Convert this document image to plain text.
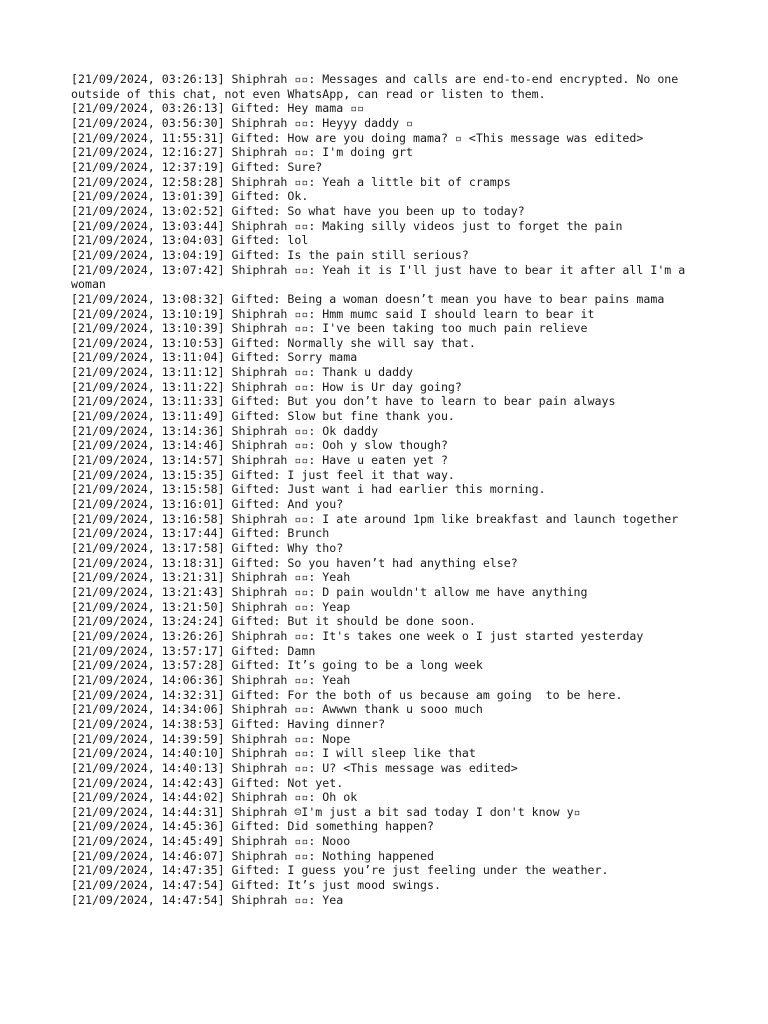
[21/09/2024, 03:26:13] Shiphrah ▫▫: Messages and calls are end-to-end encrypted. No one outside of this chat, not even WhatsApp, can read or listen to them.
[21/09/2024, 03:26:13] Gifted: Hey mama ▫▫
[21/09/2024, 03:56:30] Shiphrah ▫▫: Heyyy daddy ▫
[21/09/2024, 11:55:31] Gifted: How are you doing mama? ▫ <This message was edited>
[21/09/2024, 12:16:27] Shiphrah ▫▫: I'm doing grt
[21/09/2024, 12:37:19] Gifted: Sure?
[21/09/2024, 12:58:28] Shiphrah ▫▫: Yeah a little bit of cramps
[21/09/2024, 13:01:39] Gifted: Ok.
[21/09/2024, 13:02:52] Gifted: So what have you been up to today?
[21/09/2024, 13:03:44] Shiphrah ▫▫: Making silly videos just to forget the pain
[21/09/2024, 13:04:03] Gifted: lol
[21/09/2024, 13:04:19] Gifted: Is the pain still serious?
[21/09/2024, 13:07:42] Shiphrah ▫▫: Yeah it is I'll just have to bear it after all I'm a woman
[21/09/2024, 13:08:32] Gifted: Being a woman doesn’t mean you have to bear pains mama
[21/09/2024, 13:10:19] Shiphrah ▫▫: Hmm mumc said I should learn to bear it
[21/09/2024, 13:10:39] Shiphrah ▫▫: I've been taking too much pain relieve
[21/09/2024, 13:10:53] Gifted: Normally she will say that.
[21/09/2024, 13:11:04] Gifted: Sorry mama
[21/09/2024, 13:11:12] Shiphrah ▫▫: Thank u daddy
[21/09/2024, 13:11:22] Shiphrah ▫▫: How is Ur day going?
[21/09/2024, 13:11:33] Gifted: But you don’t have to learn to bear pain always
[21/09/2024, 13:11:49] Gifted: Slow but fine thank you.
[21/09/2024, 13:14:36] Shiphrah ▫▫: Ok daddy
[21/09/2024, 13:14:46] Shiphrah ▫▫: Ooh y slow though?
[21/09/2024, 13:14:57] Shiphrah ▫▫: Have u eaten yet ?
[21/09/2024, 13:15:35] Gifted: I just feel it that way.
[21/09/2024, 13:15:58] Gifted: Just want i had earlier this morning.
[21/09/2024, 13:16:01] Gifted: And you?
[21/09/2024, 13:16:58] Shiphrah ▫▫: I ate around 1pm like breakfast and launch together
[21/09/2024, 13:17:44] Gifted: Brunch
[21/09/2024, 13:17:58] Gifted: Why tho?
[21/09/2024, 13:18:31] Gifted: So you haven’t had anything else?
[21/09/2024, 13:21:31] Shiphrah ▫▫: Yeah
[21/09/2024, 13:21:43] Shiphrah ▫▫: D pain wouldn't allow me have anything
[21/09/2024, 13:21:50] Shiphrah ▫▫: Yeap
[21/09/2024, 13:24:24] Gifted: But it should be done soon.
[21/09/2024, 13:26:26] Shiphrah ▫▫: It's takes one week o I just started yesterday
[21/09/2024, 13:57:17] Gifted: Damn
[21/09/2024, 13:57:28] Gifted: It’s going to be a long week
[21/09/2024, 14:06:36] Shiphrah ▫▫: Yeah
[21/09/2024, 14:32:31] Gifted: For the both of us because am going  to be here.
[21/09/2024, 14:34:06] Shiphrah ▫▫: Awwwn thank u sooo much
[21/09/2024, 14:38:53] Gifted: Having dinner?
[21/09/2024, 14:39:59] Shiphrah ▫▫: Nope
[21/09/2024, 14:40:10] Shiphrah ▫▫: I will sleep like that
[21/09/2024, 14:40:13] Shiphrah ▫▫: U? <This message was edited>
[21/09/2024, 14:42:43] Gifted: Not yet.
[21/09/2024, 14:44:02] Shiphrah ▫▫: Oh ok
[21/09/2024, 14:44:31] Shiphrah ☹I'm just a bit sad today I don't know y▫
[21/09/2024, 14:45:36] Gifted: Did something happen?
[21/09/2024, 14:45:49] Shiphrah ▫▫: Nooo
[21/09/2024, 14:46:07] Shiphrah ▫▫: Nothing happened
[21/09/2024, 14:47:35] Gifted: I guess you’re just feeling under the weather.
[21/09/2024, 14:47:54] Gifted: It’s just mood swings.
[21/09/2024, 14:47:54] Shiphrah ▫▫: Yea
